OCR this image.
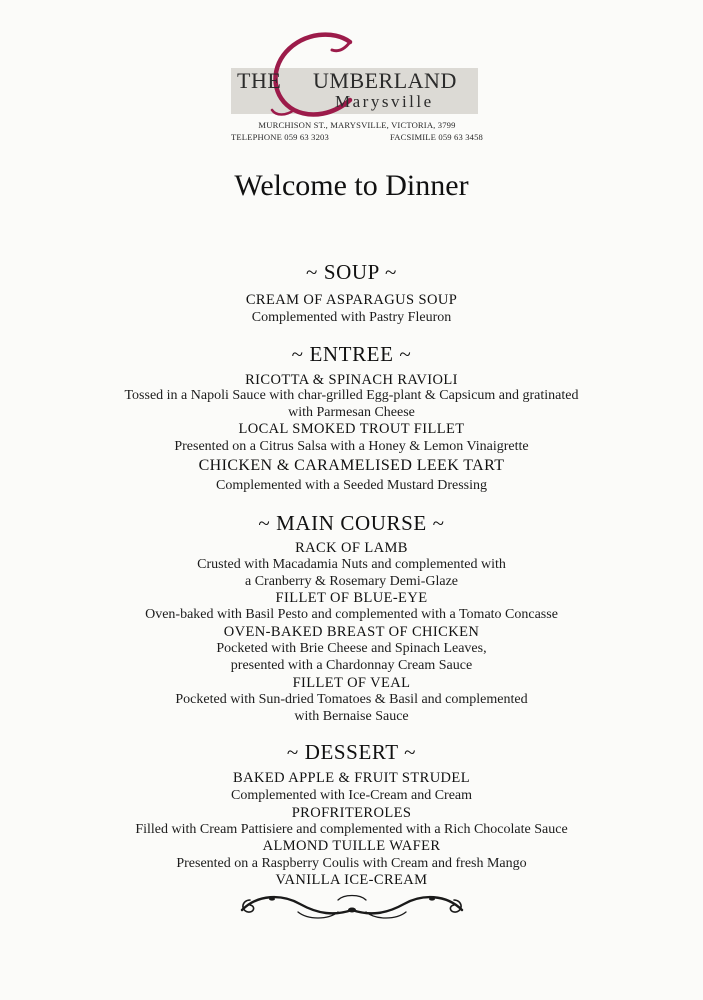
THE UMBERLAND
Marysville
MURCHISON ST., MARYSVILLE, VICTORIA, 3799
TELEPHONE 059 63 3203	FACSIMILE 059 63 3458
Welcome to Dinner
~ SOUP ~
CREAM OF ASPARAGUS SOUP
Complemented with Pastry Fleuron
~ ENTREE ~
RICOTTA & SPINACH RAVIOLI
Tossed in a Napoli Sauce with char-grilled Egg-plant & Capsicum and gratinated
with Parmesan Cheese
LOCAL SMOKED TROUT FILLET
Presented on a Citrus Salsa with a Honey & Lemon Vinaigrette
CHICKEN & CARAMELISED LEEK TART
Complemented with a Seeded Mustard Dressing
~ MAIN COURSE ~
RACK OF LAMB
Crusted with Macadamia Nuts and complemented with
a Cranberry & Rosemary Demi-Glaze
FILLET OF BLUE-EYE
Oven-baked with Basil Pesto and complemented with a Tomato Concasse
OVEN-BAKED BREAST OF CHICKEN
Pocketed with Brie Cheese and Spinach Leaves,
presented with a Chardonnay Cream Sauce
FILLET OF VEAL
Pocketed with Sun-dried Tomatoes & Basil and complemented
with Bernaise Sauce
~ DESSERT ~
BAKED APPLE & FRUIT STRUDEL
Complemented with Ice-Cream and Cream
PROFRITEROLES
Filled with Cream Pattisiere and complemented with a Rich Chocolate Sauce
ALMOND TUILLE WAFER
Presented on a Raspberry Coulis with Cream and fresh Mango
VANILLA ICE-CREAM
